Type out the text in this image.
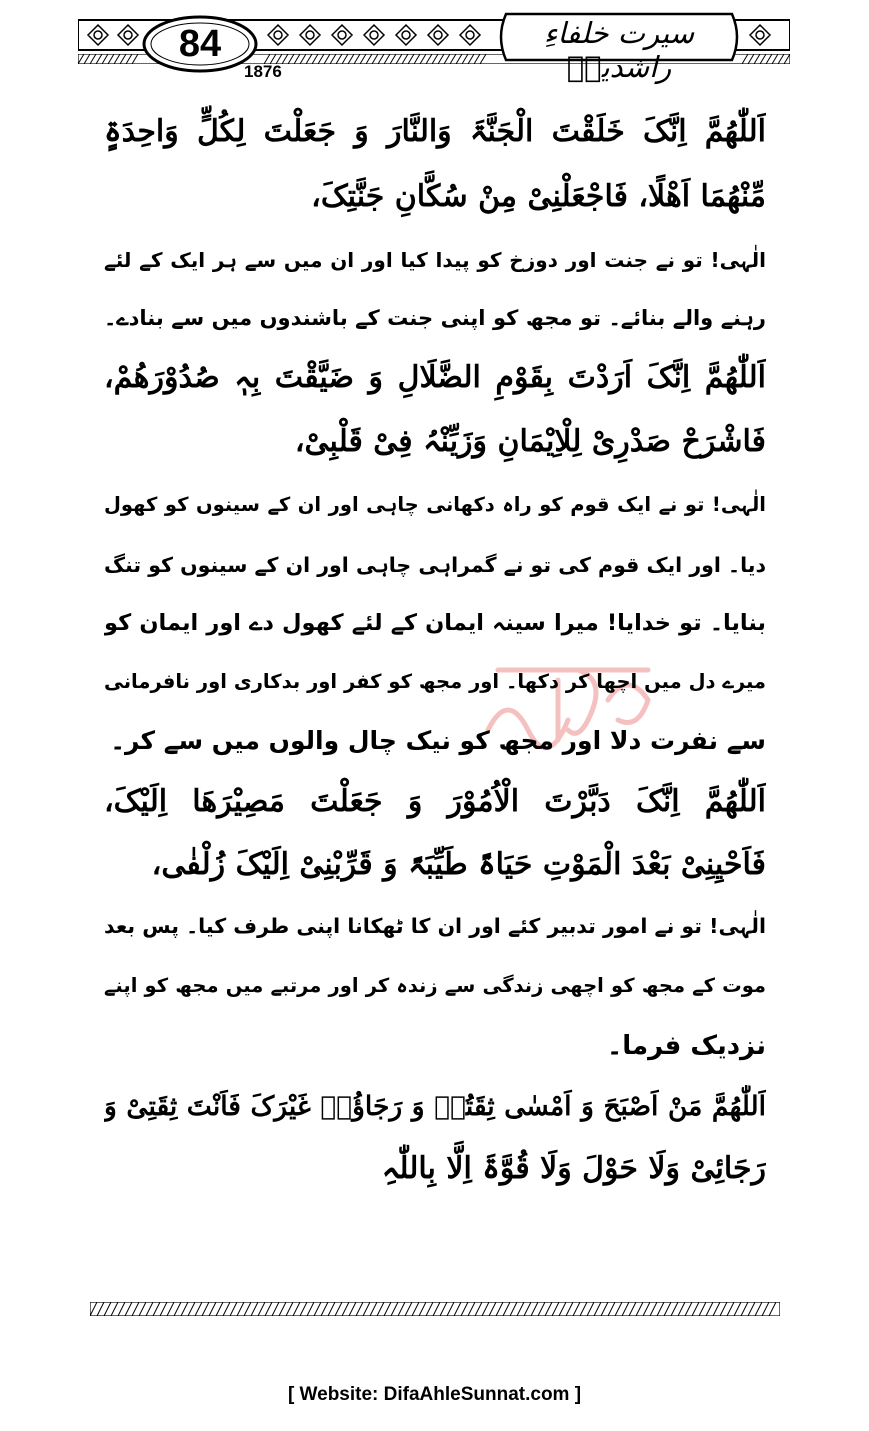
84
1876
سیرت خلفاءِ راشدینؓ
اَللّٰھُمَّ اِنَّکَ خَلَقْتَ الْجَنَّۃَ وَالنَّارَ وَ جَعَلْتَ لِکُلٍّ وَاحِدَۃٍ
مِّنْھُمَا اَھْلًا، فَاجْعَلْنِیْ مِنْ سُکَّانِ جَنَّتِکَ،
الٰہی! تو نے جنت اور دوزخ کو پیدا کیا اور ان میں سے ہر ایک کے لئے
رہنے والے بنائے۔ تو مجھ کو اپنی جنت کے باشندوں میں سے بنادے۔
اَللّٰھُمَّ اِنَّکَ اَرَدْتَ بِقَوْمِ الضَّلَالِ وَ ضَیَّقْتَ بِہٖ صُدُوْرَھُمْ،
فَاشْرَحْ صَدْرِیْ لِلْاِیْمَانِ وَزَیِّنْہُ فِیْ قَلْبِیْ،
الٰہی! تو نے ایک قوم کو راہ دکھانی چاہی اور ان کے سینوں کو کھول
دیا۔ اور ایک قوم کی تو نے گمراہی چاہی اور ان کے سینوں کو تنگ
بنایا۔ تو خدایا! میرا سینہ ایمان کے لئے کھول دے اور ایمان کو
میرے دل میں اچھا کر دکھا۔ اور مجھ کو کفر اور بدکاری اور نافرمانی
سے نفرت دلا اور مجھ کو نیک چال والوں میں سے کر۔
اَللّٰھُمَّ اِنَّکَ دَبَّرْتَ الْاُمُوْرَ وَ جَعَلْتَ مَصِیْرَھَا اِلَیْکَ،
فَاَحْیِنِیْ بَعْدَ الْمَوْتِ حَیَاۃً طَیِّبَۃً وَ قَرِّبْنِیْ اِلَیْکَ زُلْفٰی،
الٰہی! تو نے امور تدبیر کئے اور ان کا ٹھکانا اپنی طرف کیا۔ پس بعد
موت کے مجھ کو اچھی زندگی سے زندہ کر اور مرتبے میں مجھ کو اپنے
نزدیک فرما۔
اَللّٰھُمَّ مَنْ اَصْبَحَ وَ اَمْسٰی ثِقَتُہٗ وَ رَجَاؤُہٗ غَیْرَکَ فَاَنْتَ ثِقَتِیْ وَ
رَجَائِیْ وَلَا حَوْلَ وَلَا قُوَّۃَ اِلَّا بِاللّٰہِ
[ Website: DifaAhleSunnat.com ]
